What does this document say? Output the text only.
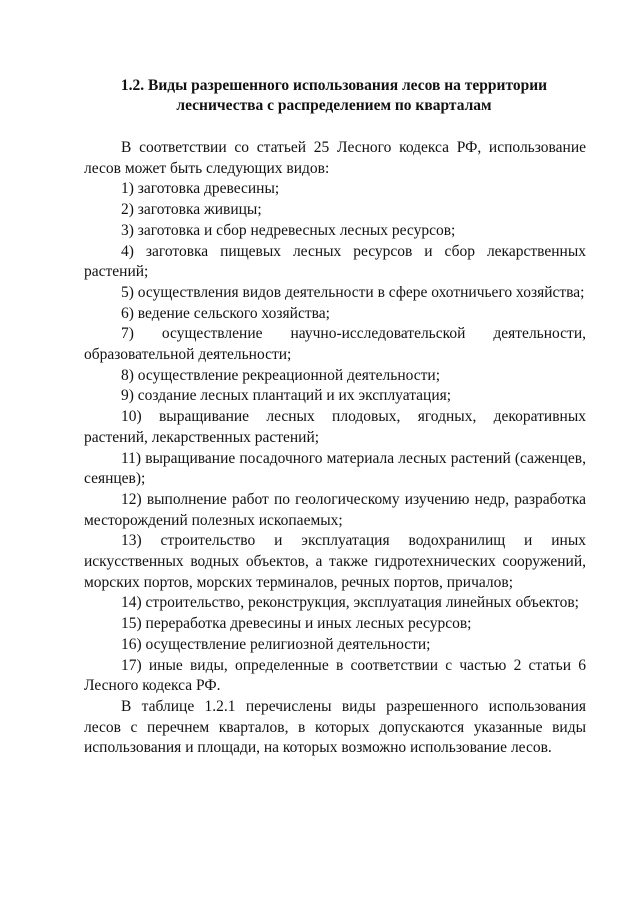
1.2. Виды разрешенного использования лесов на территории
лесничества с распределением по кварталам

В соответствии со статьей 25 Лесного кодекса РФ, использование лесов может быть следующих видов:

1) заготовка древесины;

2) заготовка живицы;

3) заготовка и сбор недревесных лесных ресурсов;

4) заготовка пищевых лесных ресурсов и сбор лекарственных растений;

5) осуществления видов деятельности в сфере охотничьего хозяйства;

6) ведение сельского хозяйства;

7) осуществление научно-исследовательской деятельности, образовательной деятельности;

8) осуществление рекреационной деятельности;

9) создание лесных плантаций и их эксплуатация;

10) выращивание лесных плодовых, ягодных, декоративных растений, лекарственных растений;

11) выращивание посадочного материала лесных растений (саженцев, сеянцев);

12) выполнение работ по геологическому изучению недр, разработка месторождений полезных ископаемых;

13) строительство и эксплуатация водохранилищ и иных искусственных водных объектов, а также гидротехнических сооружений, морских портов, морских терминалов, речных портов, причалов;

14) строительство, реконструкция, эксплуатация линейных объектов;

15) переработка древесины и иных лесных ресурсов;

16) осуществление религиозной деятельности;

17) иные виды, определенные в соответствии с частью 2 статьи 6 Лесного кодекса РФ.

В таблице 1.2.1 перечислены виды разрешенного использования лесов с перечнем кварталов, в которых допускаются указанные виды использования и площади, на которых возможно использование лесов.
